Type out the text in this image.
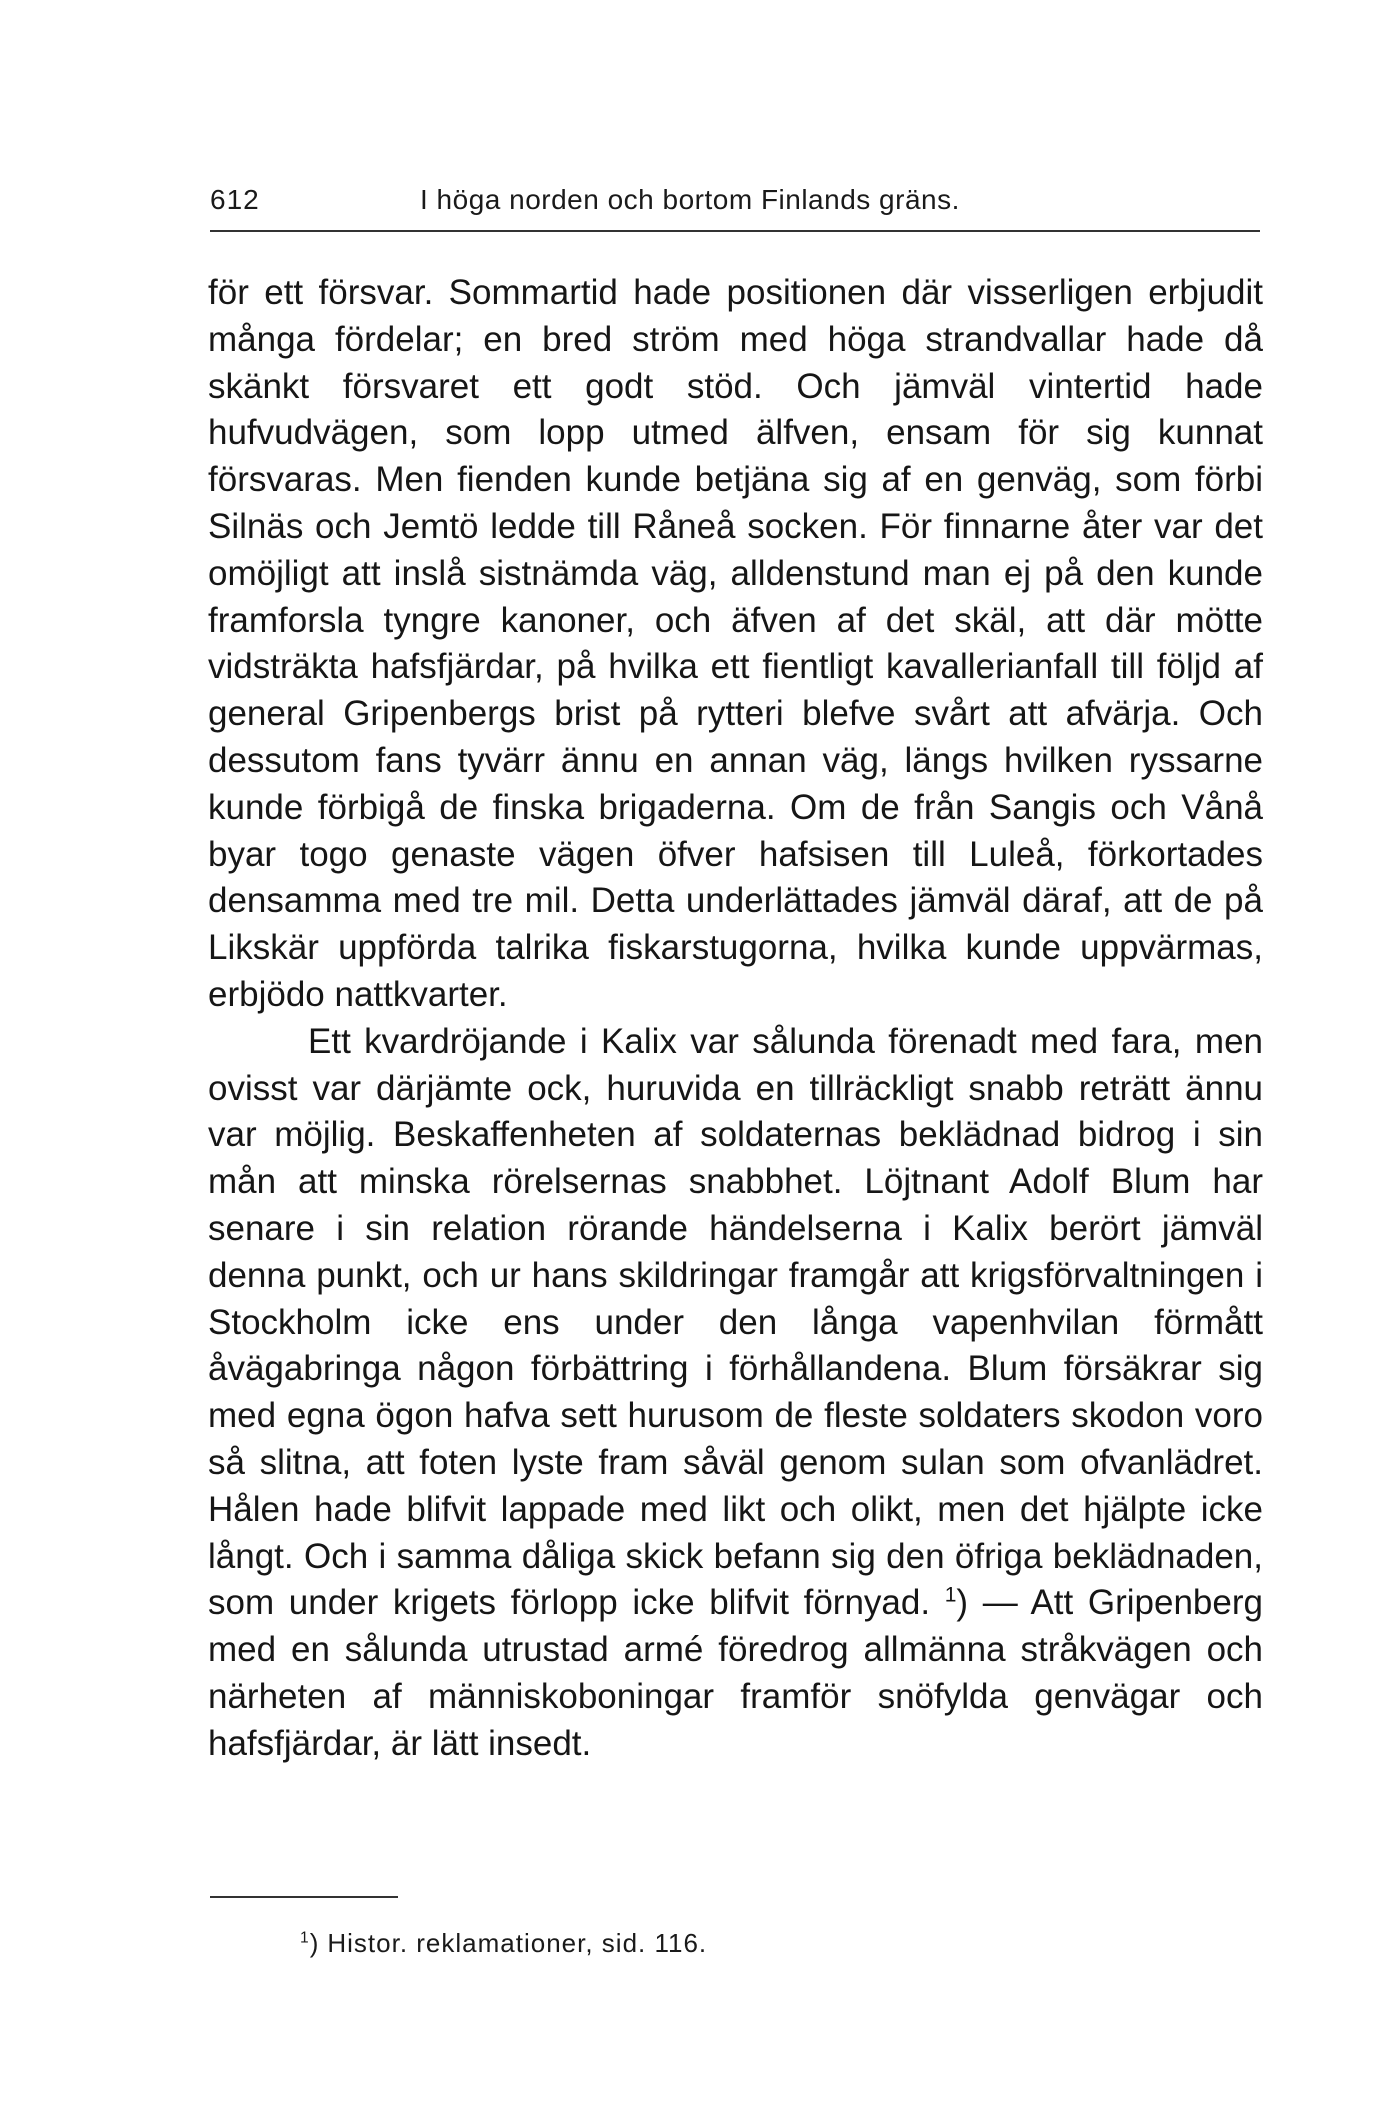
612	I höga norden och bortom Finlands gräns.

för ett försvar. Sommartid hade positionen där visserligen erbjudit många fördelar; en bred ström med höga strandvallar hade då skänkt försvaret ett godt stöd. Och jämväl vintertid hade hufvudvägen, som lopp utmed älfven, ensam för sig kunnat försvaras. Men fienden kunde betjäna sig af en genväg, som förbi Silnäs och Jemtö ledde till Råneå socken. För finnarne åter var det omöjligt att inslå sistnämda väg, alldenstund man ej på den kunde framforsla tyngre kanoner, och äfven af det skäl, att där mötte vidsträkta hafsfjärdar, på hvilka ett fientligt kavallerianfall till följd af general Gripenbergs brist på rytteri blefve svårt att afvärja. Och dessutom fans tyvärr ännu en annan väg, längs hvilken ryssarne kunde förbigå de finska brigaderna. Om de från Sangis och Vånå byar togo genaste vägen öfver hafsisen till Luleå, förkortades densamma med tre mil. Detta underlättades jämväl däraf, att de på Likskär uppförda talrika fiskarstugorna, hvilka kunde uppvärmas, erbjödo nattkvarter.

Ett kvardröjande i Kalix var sålunda förenadt med fara, men ovisst var därjämte ock, huruvida en tillräckligt snabb reträtt ännu var möjlig. Beskaffenheten af soldaternas beklädnad bidrog i sin mån att minska rörelsernas snabbhet. Löjtnant Adolf Blum har senare i sin relation rörande händelserna i Kalix berört jämväl denna punkt, och ur hans skildringar framgår att krigsförvaltningen i Stockholm icke ens under den långa vapenhvilan förmått åvägabringa någon förbättring i förhållandena. Blum försäkrar sig med egna ögon hafva sett hurusom de fleste soldaters skodon voro så slitna, att foten lyste fram såväl genom sulan som ofvanlädret. Hålen hade blifvit lappade med likt och olikt, men det hjälpte icke långt. Och i samma dåliga skick befann sig den öfriga beklädnaden, som under krigets förlopp icke blifvit förnyad. $^1$) — Att Gripenberg med en sålunda utrustad armé föredrog allmänna stråkvägen och närheten af människoboningar framför snöfylda genvägar och hafsfjärdar, är lätt insedt.

$^1$) Histor. reklamationer, sid. 116.
